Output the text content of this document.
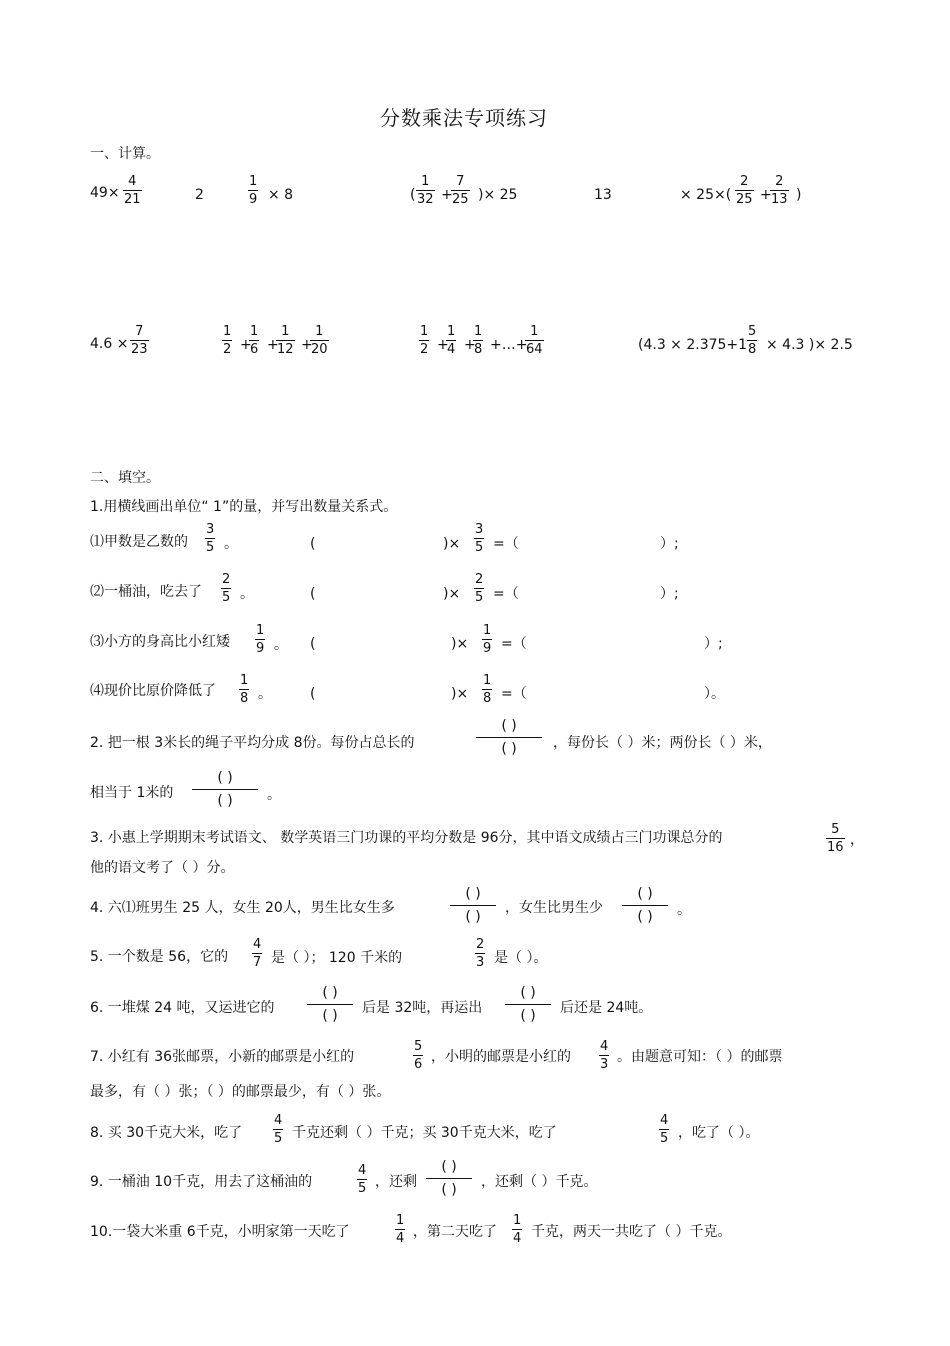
分数乘法专项练习
一、计算。
49×
4
21	2
1
9 × 8	(
1
32 +
7
25 )× 25	13	× 25×(
2
25 +
2
13 )
4.6 ×
7
23
1
2 +
1
6 +
1
12 +
1
20
1
2 +
1
4 +
1
8 +…+
1
64	(4.3 × 2.375+1
5
8 × 4.3 )× 2.5
二、填空。
1.用横线画出单位“ 1”的量，并写出数量关系式。
⑴甲数是乙数的
3
5 。	(	)×
3
5 =（	）;
⑵一桶油，吃去了
2
5 。	(	)×
2
5 =（	）;
⑶小方的身高比小红矮
1
9 。 (	)×
1
9 =（	）;
⑷现价比原价降低了
1
8 。	(	)×
1
8 =（	）。
2. 把一根 3米长的绳子平均分成 8份。每份占总长的
( )
( )	，每份长（ ）米；两份长（ ）米，
相当于 1米的
( )
( ) 。
3. 小惠上学期期末考试语文、 数学英语三门功课的平均分数是 96分，其中语文成绩占三门功课总分的
5
16 ，
他的语文考了（ ）分。
4. 六⑴班男生 25 人，女生 20人，男生比女生多
( )
( )
，女生比男生少
( )
( ) 。
5. 一个数是 56，它的
4
7 是（ ）； 120 千米的
2
3 是（ ）。
6. 一堆煤 24 吨，又运进它的
( )
( ) 后是 32吨，再运出
( )
( ) 后还是 24吨。
7. 小红有 36张邮票，小新的邮票是小红的
5
6 ，小明的邮票是小红的
4
3 。由题意可知：（ ）的邮票
最多，有（ ）张；（ ）的邮票最少，有（ ）张。
8. 买 30千克大米，吃了
4
5 千克还剩（ ）千克；买 30千克大米，吃了
4
5 ，吃了（ ）。
9. 一桶油 10千克，用去了这桶油的
4
5 ，还剩
( )
( ) ，还剩（ ）千克。
10.一袋大米重 6千克，小明家第一天吃了
1
4 ，第二天吃了
1
4 千克，两天一共吃了（ ）千克。
